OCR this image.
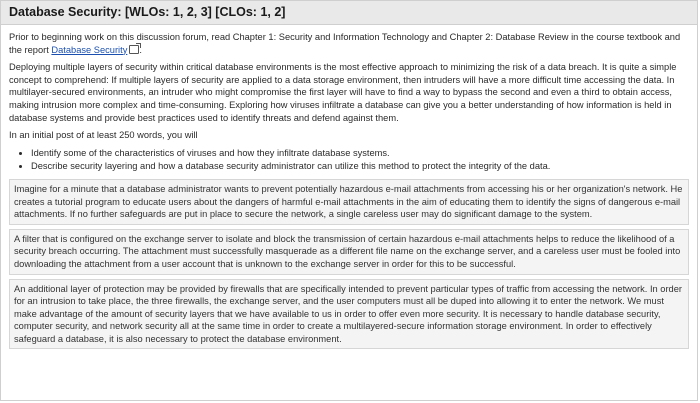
Database Security: [WLOs: 1, 2, 3] [CLOs: 1, 2]

Prior to beginning work on this discussion forum, read Chapter 1: Security and Information Technology and Chapter 2: Database Review in the course textbook and the report Database Security .

Deploying multiple layers of security within critical database environments is the most effective approach to minimizing the risk of a data breach. It is quite a simple concept to comprehend: If multiple layers of security are applied to a data storage environment, then intruders will have a more difficult time accessing the data. In multilayer-secured environments, an intruder who might compromise the first layer will have to find a way to bypass the second and even a third to obtain access, making intrusion more complex and time-consuming. Exploring how viruses infiltrate a database can give you a better understanding of how information is held in database systems and provide best practices used to identify threats and defend against them.

In an initial post of at least 250 words, you will

• Identify some of the characteristics of viruses and how they infiltrate database systems.
• Describe security layering and how a database security administrator can utilize this method to protect the integrity of the data.

Imagine for a minute that a database administrator wants to prevent potentially hazardous e-mail attachments from accessing his or her organization's network. He creates a tutorial program to educate users about the dangers of harmful e-mail attachments in the aim of educating them to identify the signs of dangerous e-mail attachments. If no further safeguards are put in place to secure the network, a single careless user may do significant damage to the system.

A filter that is configured on the exchange server to isolate and block the transmission of certain hazardous e-mail attachments helps to reduce the likelihood of a security breach occurring. The attachment must successfully masquerade as a different file name on the exchange server, and a careless user must be fooled into downloading the attachment from a user account that is unknown to the exchange server in order for this to be successful.

An additional layer of protection may be provided by firewalls that are specifically intended to prevent particular types of traffic from accessing the network. In order for an intrusion to take place, the three firewalls, the exchange server, and the user computers must all be duped into allowing it to enter the network. We must make advantage of the amount of security layers that we have available to us in order to offer even more security. It is necessary to handle database security, computer security, and network security all at the same time in order to create a multilayered-secure information storage environment. In order to effectively safeguard a database, it is also necessary to protect the database environment.
